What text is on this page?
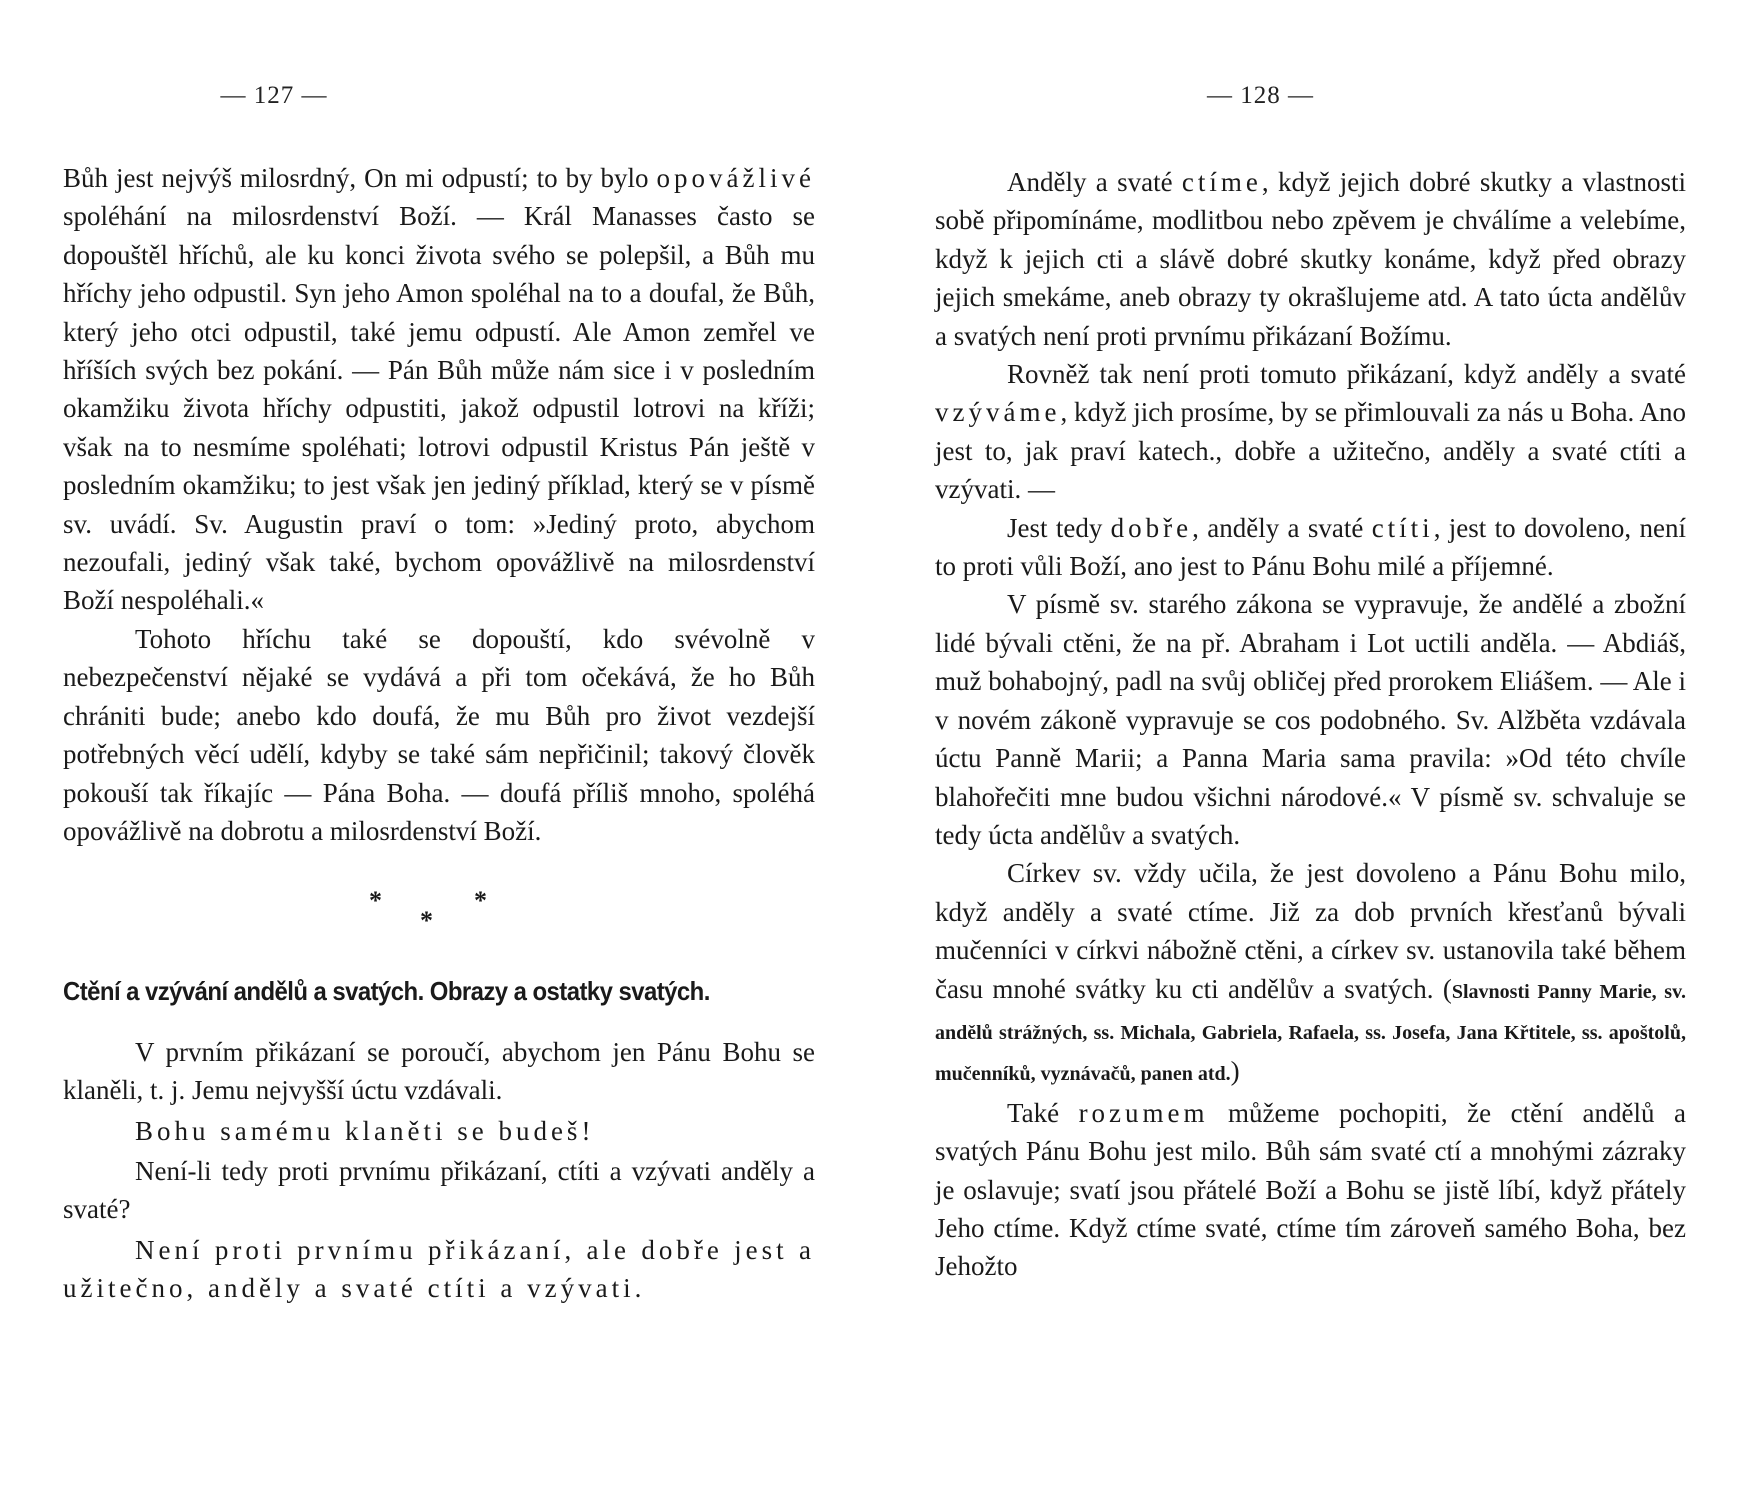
— 127 —

Bůh jest nejvýš milosrdný, On mi odpustí; to by bylo opovážlivé spoléhání na milosrdenství Boží. — Král Manasses často se dopouštěl hříchů, ale ku konci života svého se polepšil, a Bůh mu hříchy jeho odpustil. Syn jeho Amon spoléhal na to a doufal, že Bůh, který jeho otci odpustil, také jemu odpustí. Ale Amon zemřel ve hříších svých bez pokání. — Pán Bůh může nám sice i v posledním okamžiku života hříchy odpustiti, jakož odpustil lotrovi na kříži; však na to nesmíme spoléhati; lotrovi odpustil Kristus Pán ještě v posledním okamžiku; to jest však jen jediný příklad, který se v písmě sv. uvádí. Sv. Augustin praví o tom: »Jediný proto, abychom nezoufali, jediný však také, bychom opovážlivě na milosrdenství Boží nespoléhali.«

Tohoto hříchu také se dopouští, kdo svévolně v nebezpečenství nějaké se vydává a při tom očekává, že ho Bůh chrániti bude; anebo kdo doufá, že mu Bůh pro život vezdejší potřebných věcí udělí, kdyby se také sám nepřičinil; takový člověk pokouší tak říkajíc — Pána Boha. — doufá příliš mnoho, spoléhá opovážlivě na dobrotu a milosrdenství Boží.

*
*
*
Ctění a vzývání andělů a svatých. Obrazy a ostatky svatých.

V prvním přikázaní se poroučí, abychom jen Pánu Bohu se klaněli, t. j. Jemu nejvyšší úctu vzdávali.

Bohu samému klaněti se budeš!

Není-li tedy proti prvnímu přikázaní, ctíti a vzývati anděly a svaté?

Není proti prvnímu přikázaní, ale dobře jest a užitečno, anděly a svaté ctíti a vzývati.

— 128 —

Anděly a svaté ctíme, když jejich dobré skutky a vlastnosti sobě připomínáme, modlitbou nebo zpěvem je chválíme a velebíme, když k jejich cti a slávě dobré skutky konáme, když před obrazy jejich smekáme, aneb obrazy ty okrašlujeme atd. A tato úcta andělův a svatých není proti prvnímu přikázaní Božímu.

Rovněž tak není proti tomuto přikázaní, když anděly a svaté vzýváme, když jich prosíme, by se přimlouvali za nás u Boha. Ano jest to, jak praví katech., dobře a užitečno, anděly a svaté ctíti a vzývati. —

Jest tedy dobře, anděly a svaté ctíti, jest to dovoleno, není to proti vůli Boží, ano jest to Pánu Bohu milé a příjemné.

V písmě sv. starého zákona se vypravuje, že andělé a zbožní lidé bývali ctěni, že na př. Abraham i Lot uctili anděla. — Abdiáš, muž bohabojný, padl na svůj obličej před prorokem Eliášem. — Ale i v novém zákoně vypravuje se cos podobného. Sv. Alžběta vzdávala úctu Panně Marii; a Panna Maria sama pravila: »Od této chvíle blahořečiti mne budou všichni národové.« V písmě sv. schvaluje se tedy úcta andělův a svatých.

Církev sv. vždy učila, že jest dovoleno a Pánu Bohu milo, když anděly a svaté ctíme. Již za dob prvních křesťanů bývali mučenníci v církvi nábožně ctěni, a církev sv. ustanovila také během času mnohé svátky ku cti andělův a svatých. (Slavnosti Panny Marie, sv. andělů strážných, ss. Michala, Gabriela, Rafaela, ss. Josefa, Jana Křtitele, ss. apoštolů, mučenníků, vyznávačů, panen atd.)

Také rozumem můžeme pochopiti, že ctění andělů a svatých Pánu Bohu jest milo. Bůh sám svaté ctí a mnohými zázraky je oslavuje; svatí jsou přátelé Boží a Bohu se jistě líbí, když přátely Jeho ctíme. Když ctíme svaté, ctíme tím zároveň samého Boha, bez Jehožto
